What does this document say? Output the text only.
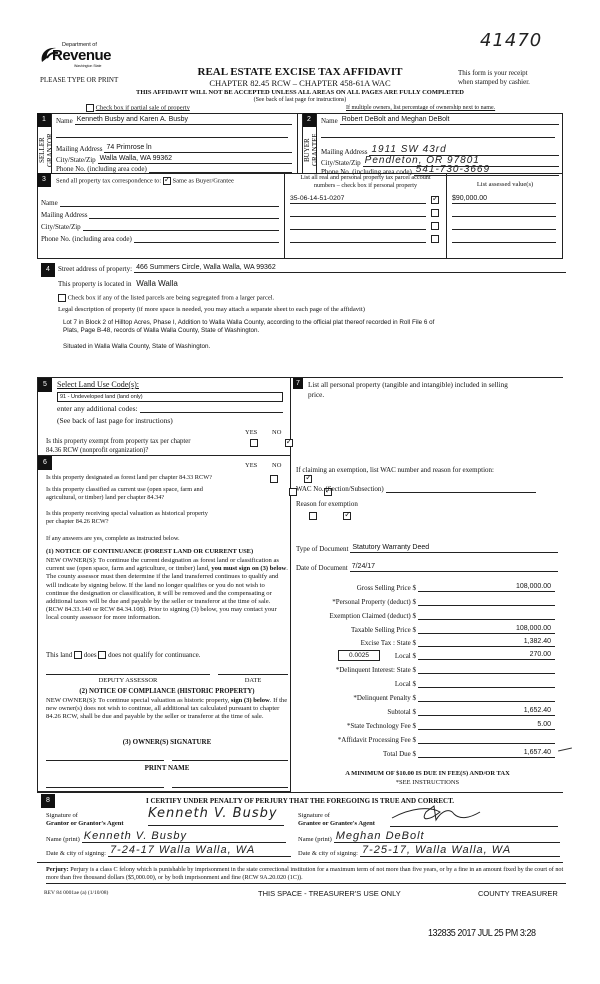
41470
Department of
Revenue
Washington State
PLEASE TYPE OR PRINT
REAL ESTATE EXCISE TAX AFFIDAVIT
CHAPTER 82.45 RCW – CHAPTER 458-61A WAC
This form is your receipt
when stamped by cashier.
THIS AFFIDAVIT WILL NOT BE ACCEPTED UNLESS ALL AREAS ON ALL PAGES ARE FULLY COMPLETED
(See back of last page for instructions)
Check box if partial sale of property	If multiple owners, list percentage of ownership next to name.
1
SELLER
GRANTOR
Name Kenneth Busby and Karen A. Busby
Mailing Address 74 Primrose ln
City/State/Zip Walla Walla, WA 99362
Phone No. (including area code)
2
BUYER
GRANTEE
Name Robert DeBolt and Meghan DeBolt
Mailing Address 1911 SW 43rd
City/State/Zip Pendleton, OR 97801
Phone No. (including area code) 541-730-3669
3	Send all property tax correspondence to: ✓ Same as Buyer/Grantee
Name
Mailing Address
City/State/Zip
Phone No. (including area code)
List all real and personal property tax parcel account
numbers – check box if personal property	List assessed value(s)
35-06-14-51-0207 ✓	$90,000.00
4	Street address of property: 466 Summers Circle, Walla Walla, WA 99362
This property is located in Walla Walla
Check box if any of the listed parcels are being segregated from a larger parcel.
Legal description of property (if more space is needed, you may attach a separate sheet to each page of the affidavit)
Lot 7 in Block 2 of Hilltop Acres, Phase I, Addition to Walla Walla County, according to the official plat thereof recorded in Roll File 6 of
Plats, Page B-48, records of Walla Walla County, State of Washington.
Situated in Walla Walla County, State of Washington.
5	Select Land Use Code(s):
91 - Undeveloped land (land only)
enter any additional codes:
(See back of last page for instructions)
YES NO
Is this property exempt from property tax per chapter
84.36 RCW (nonprofit organization)?
✓
6	YES NO
Is this property designated as forest land per chapter 84.33 RCW?
✓
Is this property classified as current use (open space, farm and
agricultural, or timber) land per chapter 84.34?
✓
Is this property receiving special valuation as historical property
per chapter 84.26 RCW?
✓
If any answers are yes, complete as instructed below.
(1) NOTICE OF CONTINUANCE (FOREST LAND OR CURRENT USE)

NEW OWNER(S): To continue the current designation as forest land or classification as current use (open space, farm and agriculture, or timber) land, you must sign on (3) below. The county assessor must then determine if the land transferred continues to qualify and will indicate by signing below. If the land no longer qualifies or you do not wish to continue the designation or classification, it will be removed and the compensating or additional taxes will be due and payable by the seller or transferor at the time of sale. (RCW 84.33.140 or RCW 84.34.108). Prior to signing (3) below, you may contact your local county assessor for more information.

This land does does not qualify for continuance.
DEPUTY ASSESSOR	DATE
(2) NOTICE OF COMPLIANCE (HISTORIC PROPERTY)

NEW OWNER(S): To continue special valuation as historic property, sign (3) below. If the new owner(s) does not wish to continue, all additional tax calculated pursuant to chapter 84.26 RCW, shall be due and payable by the seller or transferor at the time of sale.

(3) OWNER(S) SIGNATURE
PRINT NAME
7	List all personal property (tangible and intangible) included in selling
price.
If claiming an exemption, list WAC number and reason for exemption:
WAC No. (Section/Subsection)
Reason for exemption
Type of Document Statutory Warranty Deed
Date of Document 7/24/17
Gross Selling Price $	108,000.00
*Personal Property (deduct) $
Exemption Claimed (deduct) $
Taxable Selling Price $	108,000.00
Excise Tax : State $	1,382.40
0.0025	Local $	270.00
*Delinquent Interest: State $
Local $
*Delinquent Penalty $
Subtotal $	1,652.40
*State Technology Fee $	5.00
*Affidavit Processing Fee $
Total Due $	1,657.40
A MINIMUM OF $10.00 IS DUE IN FEE(S) AND/OR TAX
*SEE INSTRUCTIONS
8	I CERTIFY UNDER PENALTY OF PERJURY THAT THE FOREGOING IS TRUE AND CORRECT.
Signature of
Grantor or Grantor's Agent
Kenneth V. Busby
Name (print) Kenneth V. Busby
Date & city of signing: 7-24-17 Walla Walla, WA
Signature of
Grantee or Grantee's Agent
Name (print) Meghan DeBolt
Date & city of signing: 7-25-17, Walla Walla, WA

Perjury: Perjury is a class C felony which is punishable by imprisonment in the state correctional institution for a maximum term of not more than five years, or by a fine in an amount fixed by the court of not more than five thousand dollars ($5,000.00), or by both imprisonment and fine (RCW 9A.20.020 (1C)).

REV 84 0001ae (a) (1/10/08)	THIS SPACE - TREASURER'S USE ONLY	COUNTY TREASURER
132835 2017 JUL 25 PM 3:28
